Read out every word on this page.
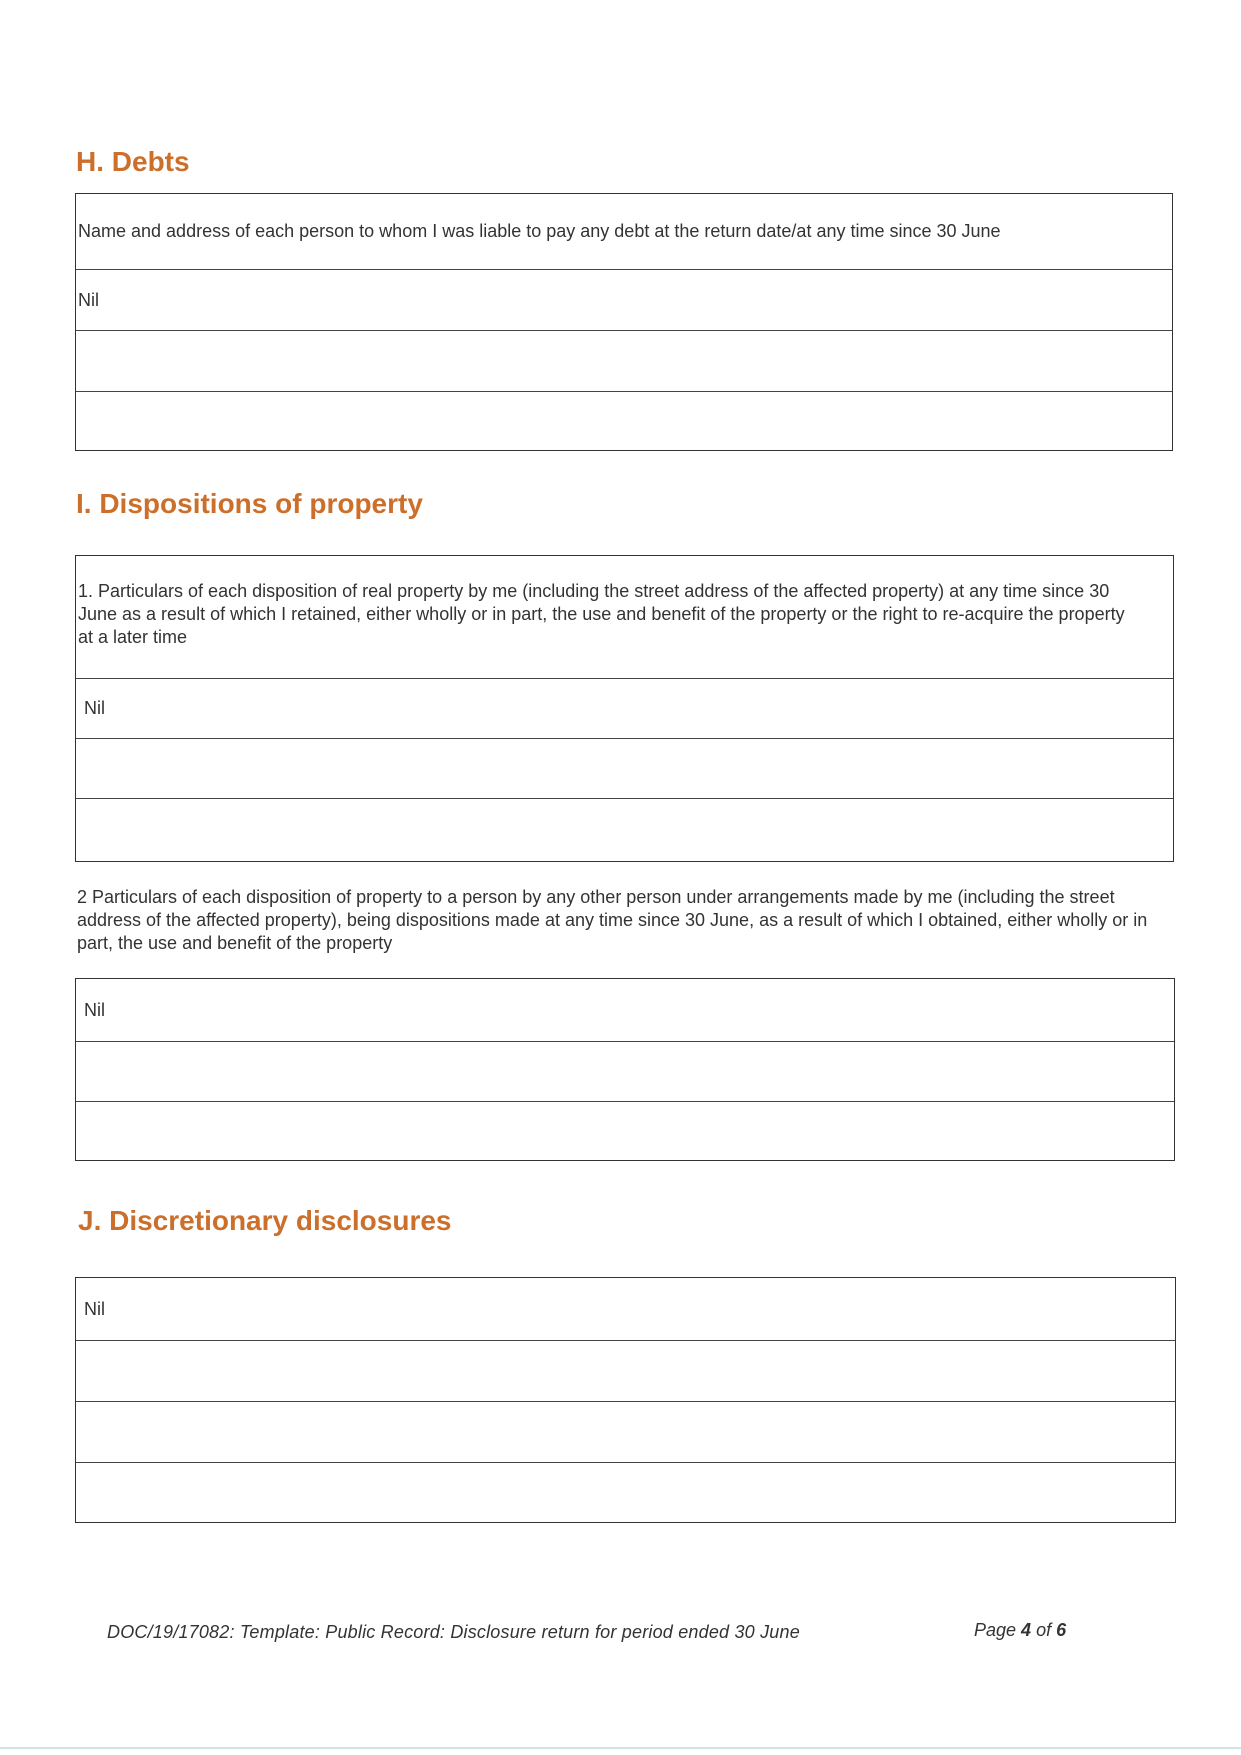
H. Debts
Name and address of each person to whom I was liable to pay any debt at the return date/at any time since 30 June
Nil
I. Dispositions of property
1. Particulars of each disposition of real property by me (including the street address of the affected property) at any time since 30 June as a result of which I retained, either wholly or in part, the use and benefit of the property or the right to re-acquire the property at a later time
Nil

2 Particulars of each disposition of property to a person by any other person under arrangements made by me (including the street address of the affected property), being dispositions made at any time since 30 June, as a result of which I obtained, either wholly or in part, the use and benefit of the property

Nil
J. Discretionary disclosures
Nil
DOC/19/17082: Template: Public Record: Disclosure return for period ended 30 June	Page 4 of 6
